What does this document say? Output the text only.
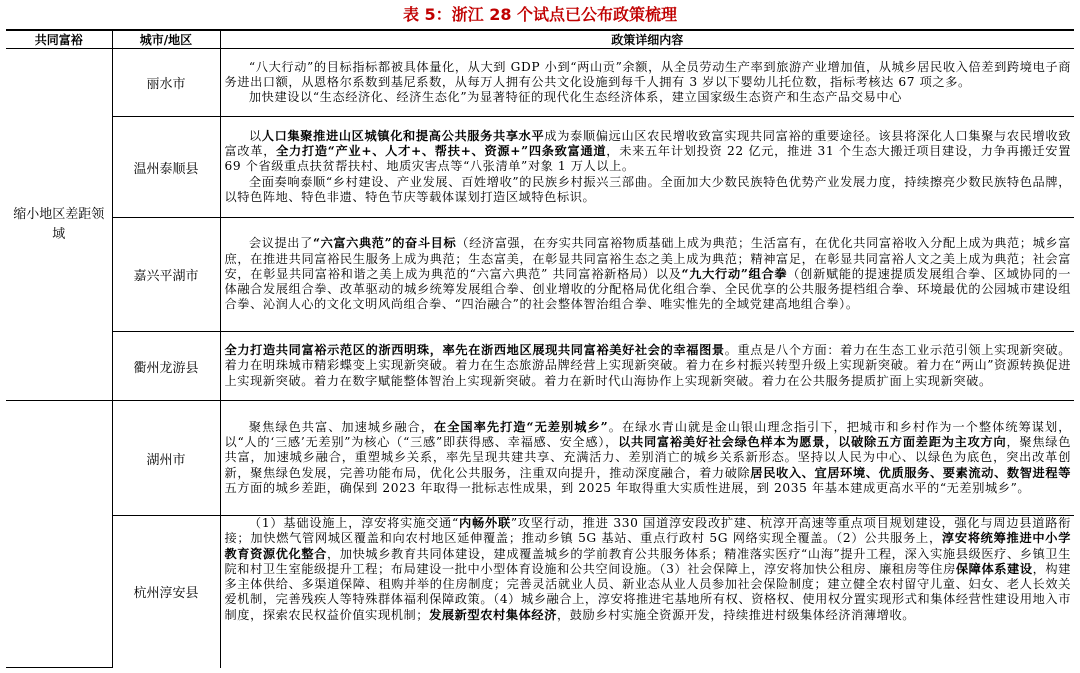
表 5：浙江 28 个试点已公布政策梳理
共同富裕	城市/地区	政策详细内容
缩小地区差距领域	丽水市	“八大行动”的目标指标都被具体量化，从大到 GDP 小到“两山贡”余额，从全员劳动生产率到旅游产业增加值，从城乡居民收入倍差到跨境电子商务进出口额，从恩格尔系数到基尼系数，从每万人拥有公共文化设施到每千人拥有 3 岁以下婴幼儿托位数，指标考核达 67 项之多。

加快建设以“生态经济化、经济生态化”为显著特征的现代化生态经济体系，建立国家级生态资产和生态产品交易中心

	温州泰顺县	以人口集聚推进山区城镇化和提高公共服务共享水平成为泰顺偏远山区农民增收致富实现共同富裕的重要途径。该县将深化人口集聚与农民增收致富改革，全力打造“产业+、人才+、帮扶+、资源+”四条致富通道，未来五年计划投资 22 亿元，推进 31 个生态大搬迁项目建设，力争再搬迁安置 69 个省级重点扶贫帮扶村、地质灾害点等“八张清单”对象 1 万人以上。

全面奏响泰顺“乡村建设、产业发展、百姓增收”的民族乡村振兴三部曲。全面加大少数民族特色优势产业发展力度，持续擦亮少数民族特色品牌，以特色阵地、特色非遗、特色节庆等载体谋划打造区域特色标识。

	嘉兴平湖市	会议提出了“六富六典范”的奋斗目标（经济富强，在夯实共同富裕物质基础上成为典范；生活富有，在优化共同富裕收入分配上成为典范；城乡富庶，在推进共同富裕民生服务上成为典范；生态富美，在彰显共同富裕生态之美上成为典范；精神富足，在彰显共同富裕人文之美上成为典范；社会富安，在彰显共同富裕和谐之美上成为典范的“六富六典范” 共同富裕新格局）以及“九大行动”组合拳（创新赋能的提速提质发展组合拳、区域协同的一体融合发展组合拳、改革驱动的城乡统筹发展组合拳、创业增收的分配格局优化组合拳、全民优享的公共服务提档组合拳、环境最优的公园城市建设组合拳、沁润人心的文化文明风尚组合拳、“四治融合”的社会整体智治组合拳、唯实惟先的全域党建高地组合拳）。

	衢州龙游县	全力打造共同富裕示范区的浙西明珠，率先在浙西地区展现共同富裕美好社会的幸福图景。重点是八个方面：着力在生态工业示范引领上实现新突破。着力在明珠城市精彩蝶变上实现新突破。着力在生态旅游品牌经营上实现新突破。着力在乡村振兴转型升级上实现新突破。着力在“两山”资源转换促进上实现新突破。着力在数字赋能整体智治上实现新突破。着力在新时代山海协作上实现新突破。着力在公共服务提质扩面上实现新突破。

	湖州市	聚焦绿色共富、加速城乡融合，在全国率先打造“无差别城乡”。在绿水青山就是金山银山理念指引下，把城市和乡村作为一个整体统筹谋划，以“人的‘三感’无差别”为核心（“三感”即获得感、幸福感、安全感），以共同富裕美好社会绿色样本为愿景，以破除五方面差距为主攻方向，聚焦绿色共富，加速城乡融合，重塑城乡关系，率先呈现共建共享、充满活力、差别消亡的城乡关系新形态。坚持以人民为中心、以绿色为底色，突出改革创新，聚焦绿色发展，完善功能布局，优化公共服务，注重双向提升，推动深度融合，着力破除居民收入、宜居环境、优质服务、要素流动、数智进程等五方面的城乡差距，确保到 2023 年取得一批标志性成果，到 2025 年取得重大实质性进展，到 2035 年基本建成更高水平的“无差别城乡”。

	杭州淳安县	（1）基础设施上，淳安将实施交通“内畅外联”攻坚行动，推进 330 国道淳安段改扩建、杭淳开高速等重点项目规划建设，强化与周边县道路衔接；加快燃气管网城区覆盖和向农村地区延伸覆盖；推动乡镇 5G 基站、重点行政村 5G 网络实现全覆盖。（2）公共服务上，淳安将统筹推进中小学教育资源优化整合，加快城乡教育共同体建设，建成覆盖城乡的学前教育公共服务体系；精准落实医疗“山海”提升工程，深入实施县级医疗、乡镇卫生院和村卫生室能级提升工程；布局建设一批中小型体育设施和公共空间设施。（3）社会保障上，淳安将加快公租房、廉租房等住房保障体系建设，构建多主体供给、多渠道保障、租购并举的住房制度；完善灵活就业人员、新业态从业人员参加社会保险制度；建立健全农村留守儿童、妇女、老人长效关爱机制，完善残疾人等特殊群体福利保障政策。（4）城乡融合上，淳安将推进宅基地所有权、资格权、使用权分置实现形式和集体经营性建设用地入市制度，探索农民权益价值实现机制；发展新型农村集体经济，鼓励乡村实施全资源开发，持续推进村级集体经济消薄增收。
